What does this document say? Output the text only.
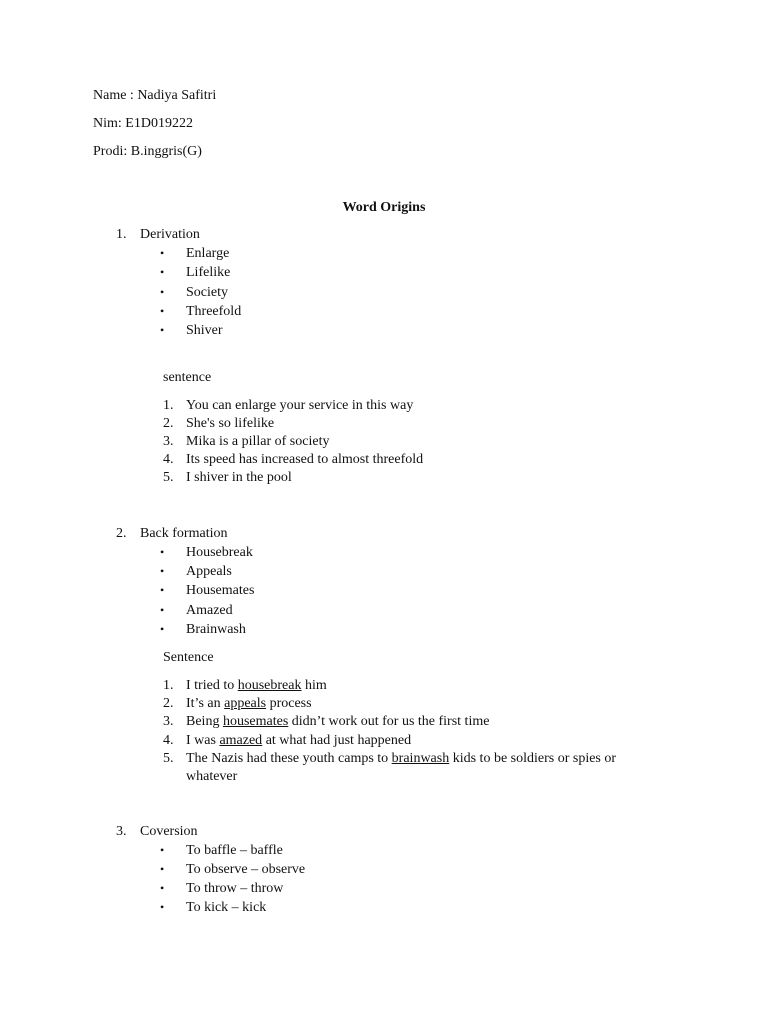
Name : Nadiya Safitri
Nim: E1D019222
Prodi: B.inggris(G)
Word Origins
1. Derivation
• Enlarge
• Lifelike
• Society
• Threefold
• Shiver
sentence
1. You can enlarge your service in this way
2. She's so lifelike
3. Mika is a pillar of society
4. Its speed has increased to almost threefold
5. I shiver in the pool
2. Back formation
• Housebreak
• Appeals
• Housemates
• Amazed
• Brainwash
Sentence
1. I tried to housebreak him
2. It’s an appeals process
3. Being housemates didn’t work out for us the first time
4. I was amazed at what had just happened
5. The Nazis had these youth camps to brainwash kids to be soldiers or spies or
whatever
3. Coversion
• To baffle – baffle
• To observe – observe
• To throw – throw
• To kick – kick
